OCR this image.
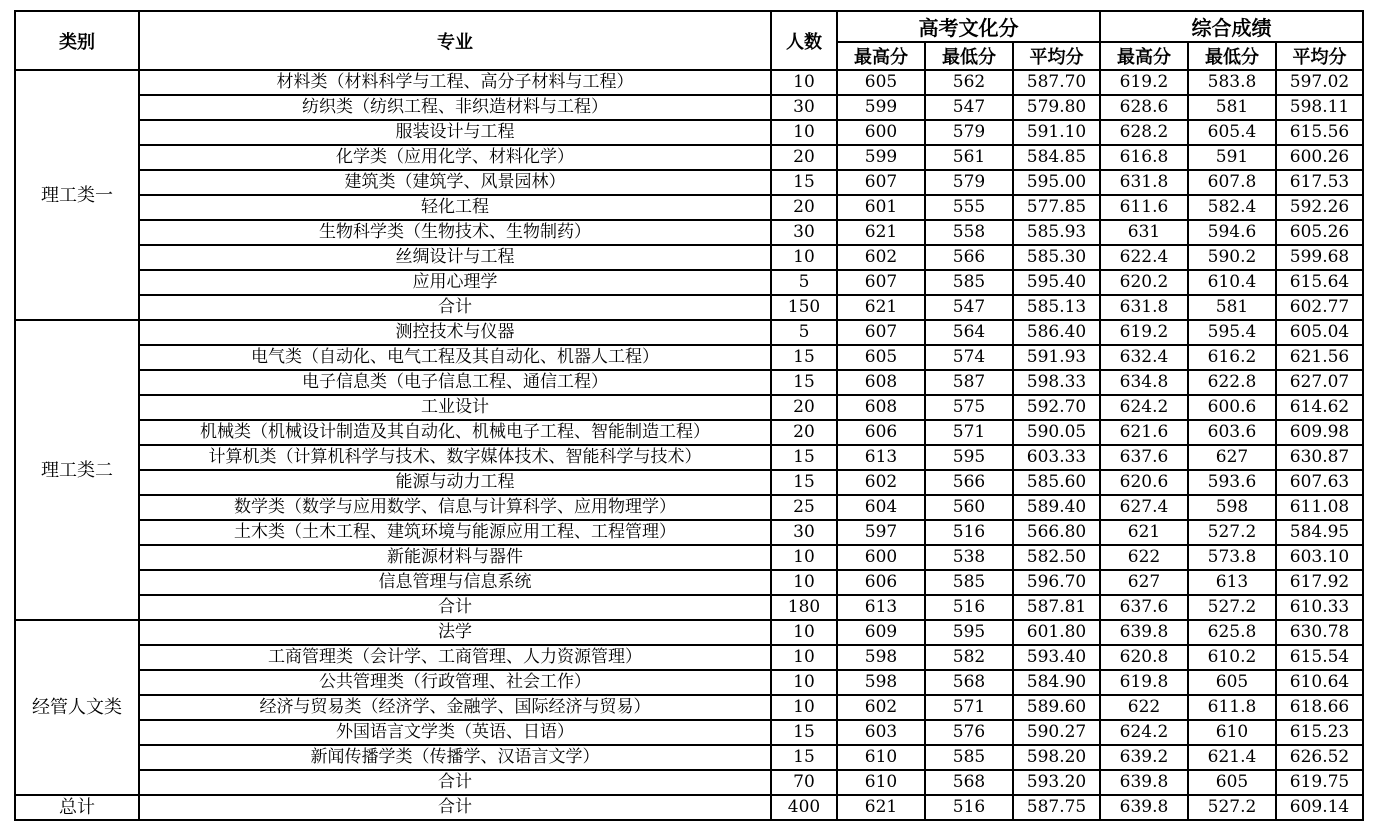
类别	专业	人数	高考文化分			综合成绩		
			最高分	最低分	平均分	最高分	最低分	平均分
理工类一	材料类（材料科学与工程、高分子材料与工程）	10	605	562	587.70	619.2	583.8	597.02
	纺织类（纺织工程、非织造材料与工程）	30	599	547	579.80	628.6	581	598.11
	服装设计与工程	10	600	579	591.10	628.2	605.4	615.56
	化学类（应用化学、材料化学）	20	599	561	584.85	616.8	591	600.26
	建筑类（建筑学、风景园林）	15	607	579	595.00	631.8	607.8	617.53
	轻化工程	20	601	555	577.85	611.6	582.4	592.26
	生物科学类（生物技术、生物制药）	30	621	558	585.93	631	594.6	605.26
	丝绸设计与工程	10	602	566	585.30	622.4	590.2	599.68
	应用心理学	5	607	585	595.40	620.2	610.4	615.64
	合计	150	621	547	585.13	631.8	581	602.77
理工类二	测控技术与仪器	5	607	564	586.40	619.2	595.4	605.04
	电气类（自动化、电气工程及其自动化、机器人工程）	15	605	574	591.93	632.4	616.2	621.56
	电子信息类（电子信息工程、通信工程）	15	608	587	598.33	634.8	622.8	627.07
	工业设计	20	608	575	592.70	624.2	600.6	614.62
	机械类（机械设计制造及其自动化、机械电子工程、智能制造工程）	20	606	571	590.05	621.6	603.6	609.98
	计算机类（计算机科学与技术、数字媒体技术、智能科学与技术）	15	613	595	603.33	637.6	627	630.87
	能源与动力工程	15	602	566	585.60	620.6	593.6	607.63
	数学类（数学与应用数学、信息与计算科学、应用物理学）	25	604	560	589.40	627.4	598	611.08
	土木类（土木工程、建筑环境与能源应用工程、工程管理）	30	597	516	566.80	621	527.2	584.95
	新能源材料与器件	10	600	538	582.50	622	573.8	603.10
	信息管理与信息系统	10	606	585	596.70	627	613	617.92
	合计	180	613	516	587.81	637.6	527.2	610.33
经管人文类	法学	10	609	595	601.80	639.8	625.8	630.78
	工商管理类（会计学、工商管理、人力资源管理）	10	598	582	593.40	620.8	610.2	615.54
	公共管理类（行政管理、社会工作）	10	598	568	584.90	619.8	605	610.64
	经济与贸易类（经济学、金融学、国际经济与贸易）	10	602	571	589.60	622	611.8	618.66
	外国语言文学类（英语、日语）	15	603	576	590.27	624.2	610	615.23
	新闻传播学类（传播学、汉语言文学）	15	610	585	598.20	639.2	621.4	626.52
	合计	70	610	568	593.20	639.8	605	619.75
总计	合计	400	621	516	587.75	639.8	527.2	609.14
